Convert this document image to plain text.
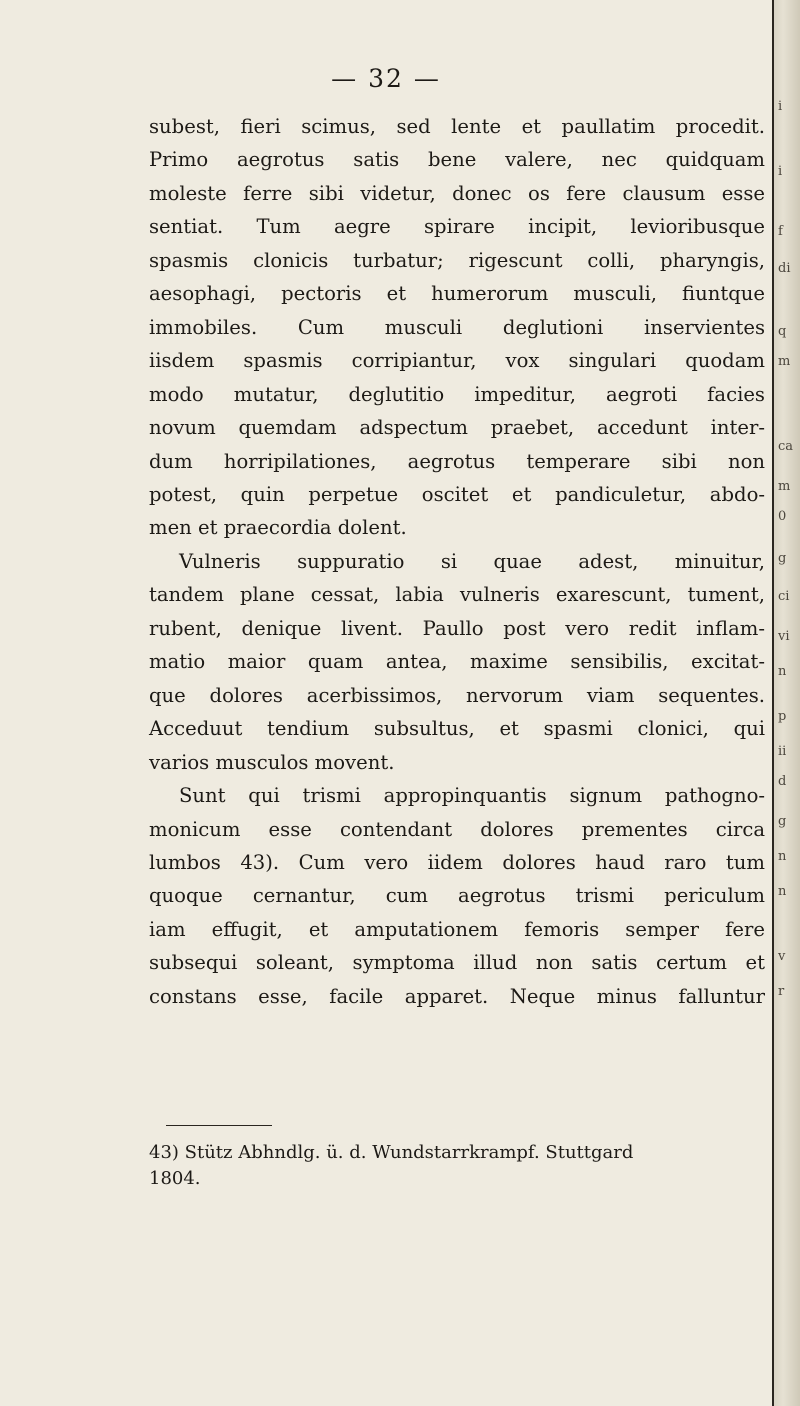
— 32 —
subest, fieri scimus, sed lente et paullatim procedit.
Primo aegrotus satis bene valere, nec quidquam
moleste ferre sibi videtur, donec os fere clausum esse
sentiat. Tum aegre spirare incipit, levioribusque
spasmis clonicis turbatur; rigescunt colli, pharyngis,
aesophagi, pectoris et humerorum musculi, fiuntque
immobiles. Cum musculi deglutioni inservientes
iisdem spasmis corripiantur, vox singulari quodam
modo mutatur, deglutitio impeditur, aegroti facies
novum quemdam adspectum praebet, accedunt inter-
dum horripilationes, aegrotus temperare sibi non
potest, quin perpetue oscitet et pandiculetur, abdo-
men et praecordia dolent.
Vulneris suppuratio si quae adest, minuitur,
tandem plane cessat, labia vulneris exarescunt, tument,
rubent, denique livent. Paullo post vero redit inflam-
matio maior quam antea, maxime sensibilis, excitat-
que dolores acerbissimos, nervorum viam sequentes.
Acceduut tendium subsultus, et spasmi clonici, qui
varios musculos movent.
Sunt qui trismi appropinquantis signum pathogno-
monicum esse contendant dolores prementes circa
lumbos 43). Cum vero iidem dolores haud raro tum
quoque cernantur, cum aegrotus trismi periculum
iam effugit, et amputationem femoris semper fere
subsequi soleant, symptoma illud non satis certum et
constans esse, facile apparet. Neque minus falluntur
43) Stütz Abhndlg. ü. d. Wundstarrkrampf. Stuttgard
1804.
i
i
f
di
q
m
ca
m
0
g
ci
vi
n
p
ii
d
g
n
n
v
r
